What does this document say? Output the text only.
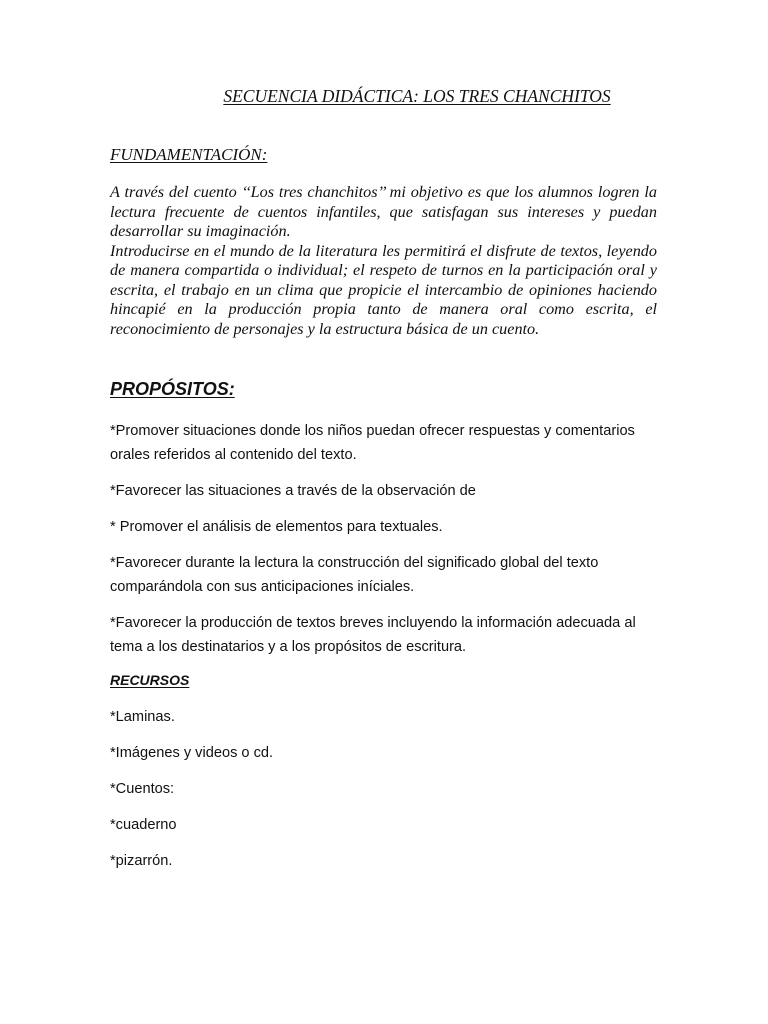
SECUENCIA DIDÁCTICA: LOS TRES CHANCHITOS
FUNDAMENTACIÓN:

A través del cuento ‘‘Los tres chanchitos’’ mi objetivo es que los alumnos logren la lectura frecuente de cuentos infantiles, que satisfagan sus intereses y puedan desarrollar su imaginación.

Introducirse en el mundo de la literatura les permitirá el disfrute de textos, leyendo de manera compartida o individual; el respeto de turnos en la participación oral y escrita, el trabajo en un clima que propicie el intercambio de opiniones haciendo hincapié en la producción propia tanto de manera oral como escrita, el reconocimiento de personajes y la estructura básica de un cuento.

PROPÓSITOS:
*Promover situaciones donde los niños puedan ofrecer respuestas y comentarios orales referidos al contenido del texto.
*Favorecer las situaciones a través de la observación de
* Promover el análisis de elementos para textuales.
*Favorecer durante la lectura la construcción del significado global del texto comparándola con sus anticipaciones iníciales.
*Favorecer la producción de textos breves incluyendo la información adecuada al tema a los destinatarios y a los propósitos de escritura.
RECURSOS
*Laminas.
*Imágenes y videos o cd.
*Cuentos:
*cuaderno
*pizarrón.
